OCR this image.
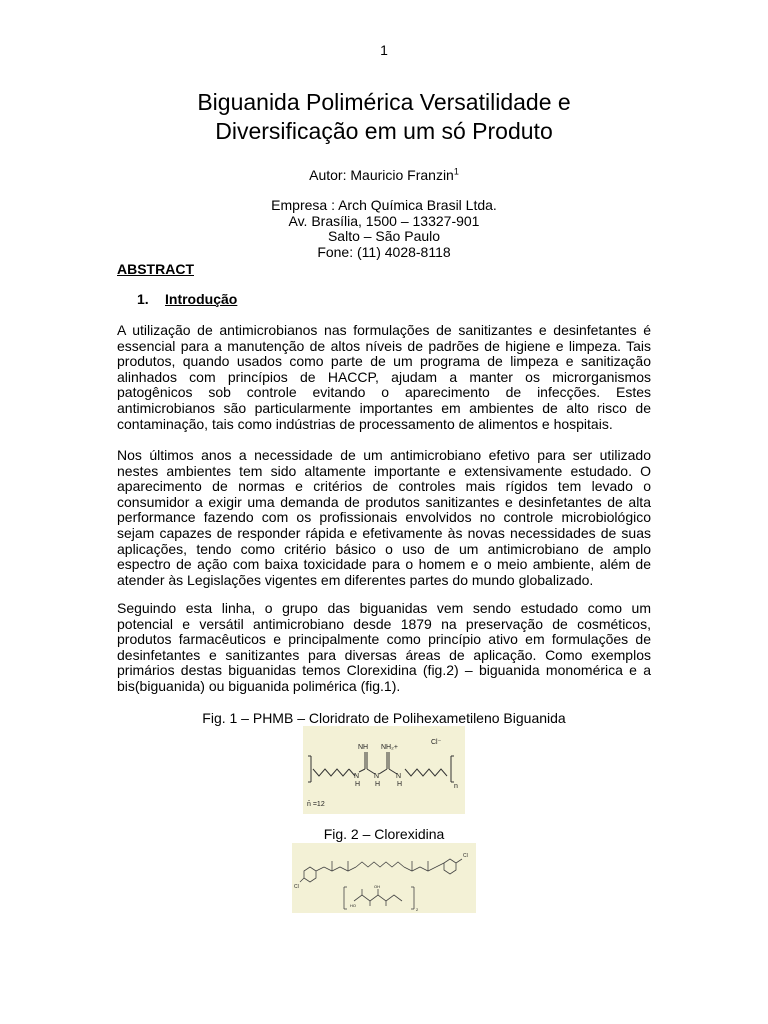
1
Biguanida Polimérica Versatilidade e
Diversificação em um só Produto
Autor: Mauricio Franzin$^1$
Empresa : Arch Química Brasil Ltda.
Av. Brasília, 1500 – 13327-901
Salto – São Paulo
Fone: (11) 4028-8118
ABSTRACT
1. Introdução
A utilização de antimicrobianos nas formulações de sanitizantes e desinfetantes é
essencial para a manutenção de altos níveis de padrões de higiene e limpeza. Tais
produtos, quando usados como parte de um programa de limpeza e sanitização
alinhados com princípios de HACCP, ajudam a manter os microrganismos
patogênicos sob controle evitando o aparecimento de infecções. Estes
antimicrobianos são particularmente importantes em ambientes de alto risco de
contaminação, tais como indústrias de processamento de alimentos e hospitais.
Nos últimos anos a necessidade de um antimicrobiano efetivo para ser utilizado
nestes ambientes tem sido altamente importante e extensivamente estudado. O
aparecimento de normas e critérios de controles mais rígidos tem levado o
consumidor a exigir uma demanda de produtos sanitizantes e desinfetantes de alta
performance fazendo com os profissionais envolvidos no controle microbiológico
sejam capazes de responder rápida e efetivamente às novas necessidades de suas
aplicações, tendo como critério básico o uso de um antimicrobiano de amplo
espectro de ação com baixa toxicidade para o homem e o meio ambiente, além de
atender às Legislações vigentes em diferentes partes do mundo globalizado.
Seguindo esta linha, o grupo das biguanidas vem sendo estudado como um
potencial e versátil antimicrobiano desde 1879 na preservação de cosméticos,
produtos farmacêuticos e principalmente como princípio ativo em formulações de
desinfetantes e sanitizantes para diversas áreas de aplicação. Como exemplos
primários destas biguanidas temos Clorexidina (fig.2) – biguanida monomérica e a
bis(biguanida) ou biguanida polimérica (fig.1).
Fig. 1 – PHMB – Cloridrato de Polihexametileno Biguanida
NH NH₂+
Cl⁻
N N N
H H H	n
n̄ =12
Fig. 2 – Clorexidina
Cl
Cl
OH
HO
2
